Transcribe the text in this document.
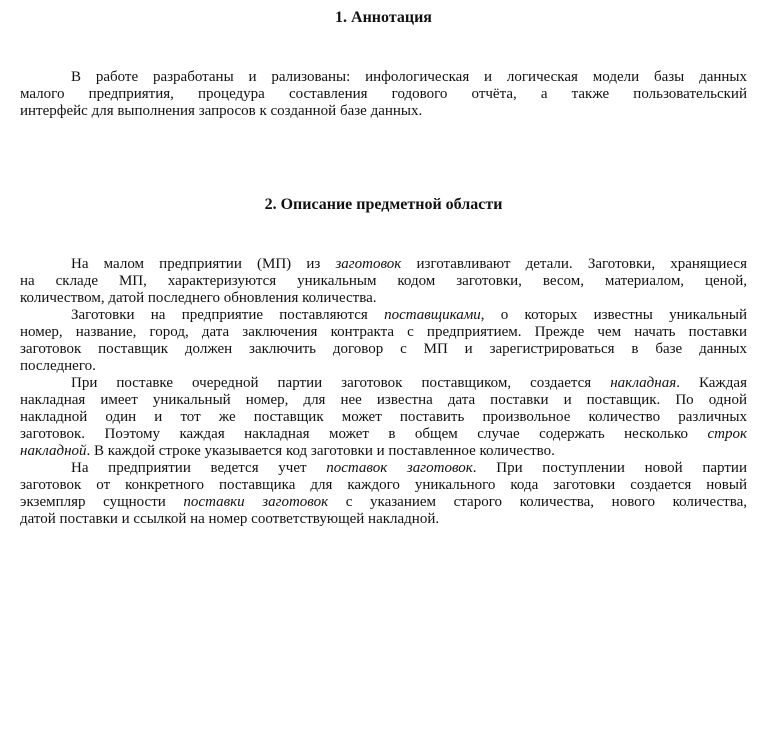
1. Аннотация
В работе разработаны и рализованы: инфологическая и логическая модели базы данных
малого предприятия, процедура составления годового отчёта, а также пользовательский
интерфейс для выполнения запросов к созданной базе данных.
2. Описание предметной области
На малом предприятии (МП) из заготовок изготавливают детали. Заготовки, хранящиеся
на складе МП, характеризуются уникальным кодом заготовки, весом, материалом, ценой,
количеством, датой последнего обновления количества.
Заготовки на предприятие поставляются поставщиками, о которых известны уникальный
номер, название, город, дата заключения контракта с предприятием. Прежде чем начать поставки
заготовок поставщик должен заключить договор с МП и зарегистрироваться в базе данных
последнего.
При поставке очередной партии заготовок поставщиком, создается накладная. Каждая
накладная имеет уникальный номер, для нее известна дата поставки и поставщик. По одной
накладной один и тот же поставщик может поставить произвольное количество различных
заготовок. Поэтому каждая накладная может в общем случае содержать несколько строк
накладной. В каждой строке указывается код заготовки и поставленное количество.
На предприятии ведется учет поставок заготовок. При поступлении новой партии
заготовок от конкретного поставщика для каждого уникального кода заготовки создается новый
экземпляр сущности поставки заготовок с указанием старого количества, нового количества,
датой поставки и ссылкой на номер соответствующей накладной.
